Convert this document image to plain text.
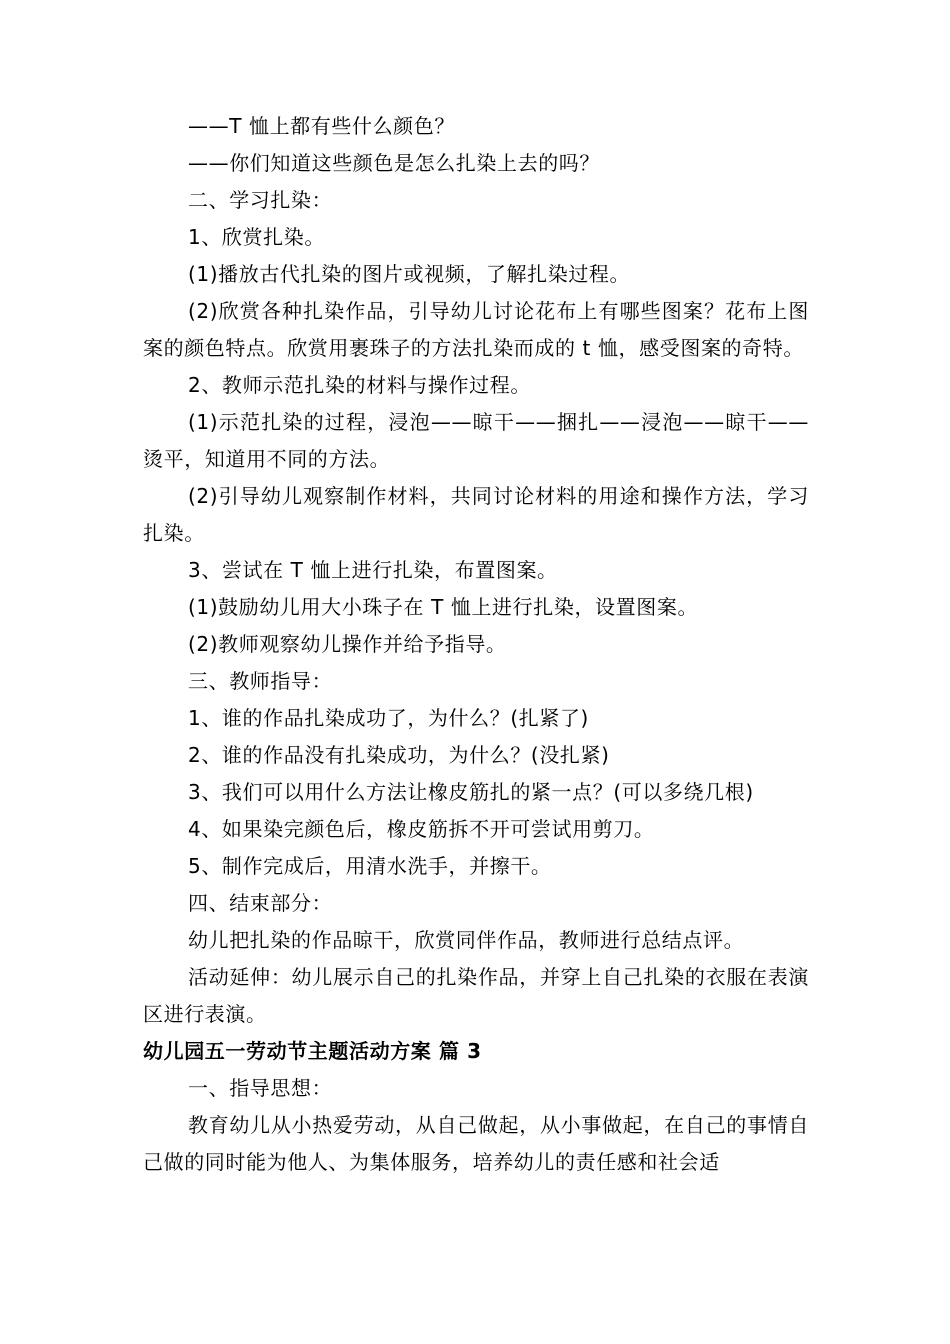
——T 恤上都有些什么颜色？

——你们知道这些颜色是怎么扎染上去的吗？

二、学习扎染：

1、欣赏扎染。

(1)播放古代扎染的图片或视频，了解扎染过程。

(2)欣赏各种扎染作品，引导幼儿讨论花布上有哪些图案？花布上图案的颜色特点。欣赏用裹珠子的方法扎染而成的 t 恤，感受图案的奇特。

2、教师示范扎染的材料与操作过程。

(1)示范扎染的过程，浸泡——晾干——捆扎——浸泡——晾干——烫平，知道用不同的方法。

(2)引导幼儿观察制作材料，共同讨论材料的用途和操作方法，学习扎染。

3、尝试在 T 恤上进行扎染，布置图案。

(1)鼓励幼儿用大小珠子在 T 恤上进行扎染，设置图案。

(2)教师观察幼儿操作并给予指导。

三、教师指导：

1、谁的作品扎染成功了，为什么？(扎紧了)

2、谁的作品没有扎染成功，为什么？(没扎紧)

3、我们可以用什么方法让橡皮筋扎的紧一点？(可以多绕几根)

4、如果染完颜色后，橡皮筋拆不开可尝试用剪刀。

5、制作完成后，用清水洗手，并擦干。

四、结束部分：

幼儿把扎染的作品晾干，欣赏同伴作品，教师进行总结点评。

活动延伸：幼儿展示自己的扎染作品，并穿上自己扎染的衣服在表演区进行表演。

幼儿园五一劳动节主题活动方案 篇 3

一、指导思想：

教育幼儿从小热爱劳动，从自己做起，从小事做起，在自己的事情自己做的同时能为他人、为集体服务，培养幼儿的责任感和社会适
